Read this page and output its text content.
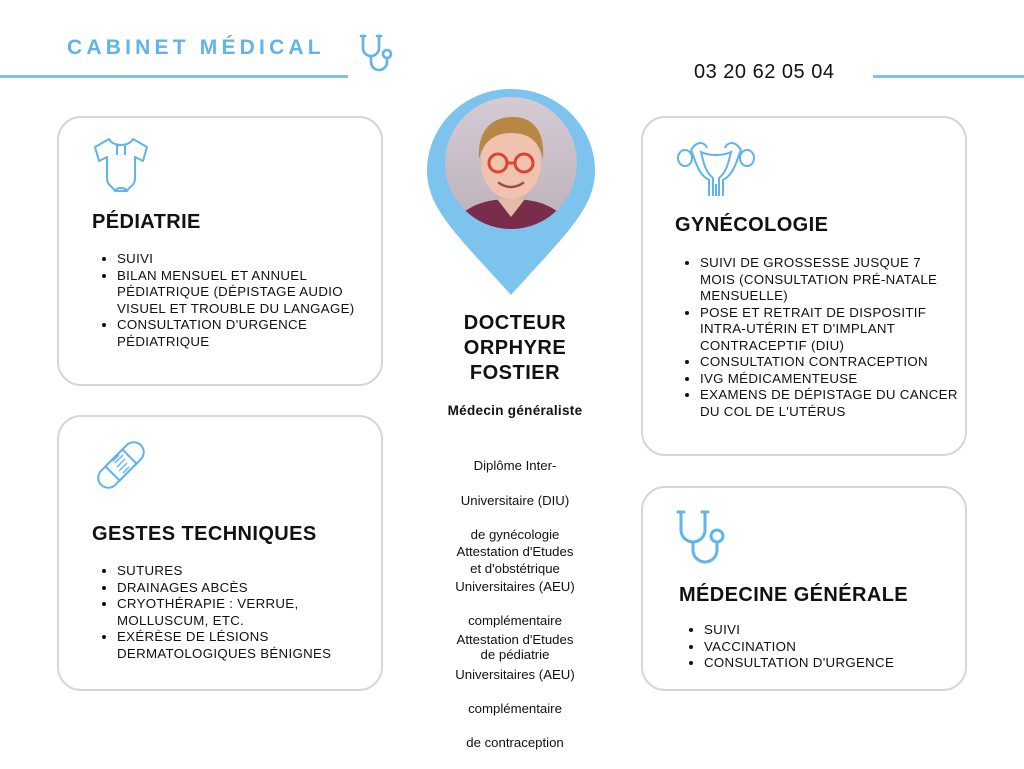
CABINET MÉDICAL
03 20 62 05 04
PÉDIATRIE
• SUIVI
• BILAN MENSUEL ET ANNUEL PÉDIATRIQUE (DÉPISTAGE AUDIO VISUEL ET TROUBLE DU LANGAGE)
• CONSULTATION D'URGENCE PÉDIATRIQUE
GESTES TECHNIQUES
• SUTURES
• DRAINAGES ABCÈS
• CRYOTHÉRAPIE : VERRUE, MOLLUSCUM, ETC.
• EXÉRÈSE DE LÉSIONS DERMATOLOGIQUES BÉNIGNES
GYNÉCOLOGIE
• SUIVI DE GROSSESSE JUSQUE 7 MOIS (CONSULTATION PRÉ-NATALE MENSUELLE)
• POSE ET RETRAIT DE DISPOSITIF INTRA-UTÉRIN ET D'IMPLANT CONTRACEPTIF (DIU)
• CONSULTATION CONTRACEPTION
• IVG MÉDICAMENTEUSE
• EXAMENS DE DÉPISTAGE DU CANCER DU COL DE L'UTÉRUS
MÉDECINE GÉNÉRALE
• SUIVI
• VACCINATION
• CONSULTATION D'URGENCE
DOCTEUR
ORPHYRE
FOSTIER
Médecin généraliste

Diplôme Inter-

Universitaire (DIU)

de gynécologie

et d'obstétrique

Attestation d'Etudes

Universitaires (AEU)

complémentaire

de pédiatrie

Attestation d'Etudes

Universitaires (AEU)

complémentaire

de contraception
